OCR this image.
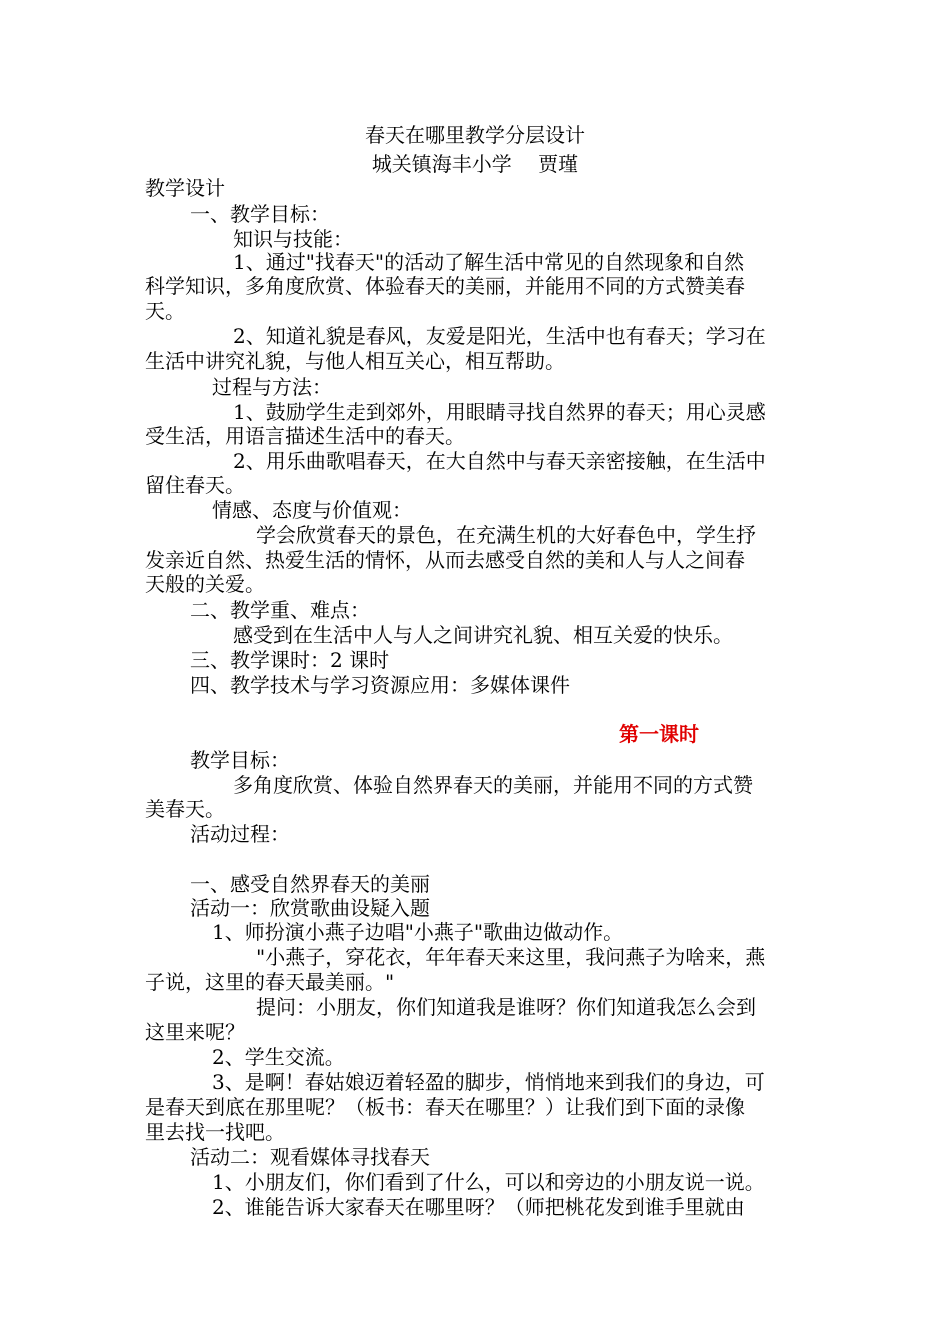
春天在哪里教学分层设计

城关镇海丰小学　 贾瑾

教学设计

一、教学目标：

知识与技能：

1、通过"找春天"的活动了解生活中常见的自然现象和自然

科学知识，多角度欣赏、体验春天的美丽，并能用不同的方式赞美春

天。

2、知道礼貌是春风，友爱是阳光，生活中也有春天；学习在

生活中讲究礼貌，与他人相互关心，相互帮助。

过程与方法：

1、鼓励学生走到郊外，用眼睛寻找自然界的春天；用心灵感

受生活，用语言描述生活中的春天。

2、用乐曲歌唱春天，在大自然中与春天亲密接触，在生活中

留住春天。

情感、态度与价值观：

学会欣赏春天的景色，在充满生机的大好春色中，学生抒

发亲近自然、热爱生活的情怀，从而去感受自然的美和人与人之间春

天般的关爱。

二、教学重、难点：

感受到在生活中人与人之间讲究礼貌、相互关爱的快乐。

三、教学课时：2 课时

四、教学技术与学习资源应用：多媒体课件

第一课时

教学目标：

多角度欣赏、体验自然界春天的美丽，并能用不同的方式赞

美春天。

活动过程：

一、感受自然界春天的美丽

活动一：欣赏歌曲设疑入题

1、师扮演小燕子边唱"小燕子"歌曲边做动作。

"小燕子，穿花衣，年年春天来这里，我问燕子为啥来，燕

子说，这里的春天最美丽。"

提问：小朋友，你们知道我是谁呀？你们知道我怎么会到

这里来呢？

2、学生交流。

3、是啊！春姑娘迈着轻盈的脚步，悄悄地来到我们的身边，可

是春天到底在那里呢？（板书：春天在哪里？）让我们到下面的录像

里去找一找吧。

活动二：观看媒体寻找春天

1、小朋友们，你们看到了什么，可以和旁边的小朋友说一说。

2、谁能告诉大家春天在哪里呀？（师把桃花发到谁手里就由
